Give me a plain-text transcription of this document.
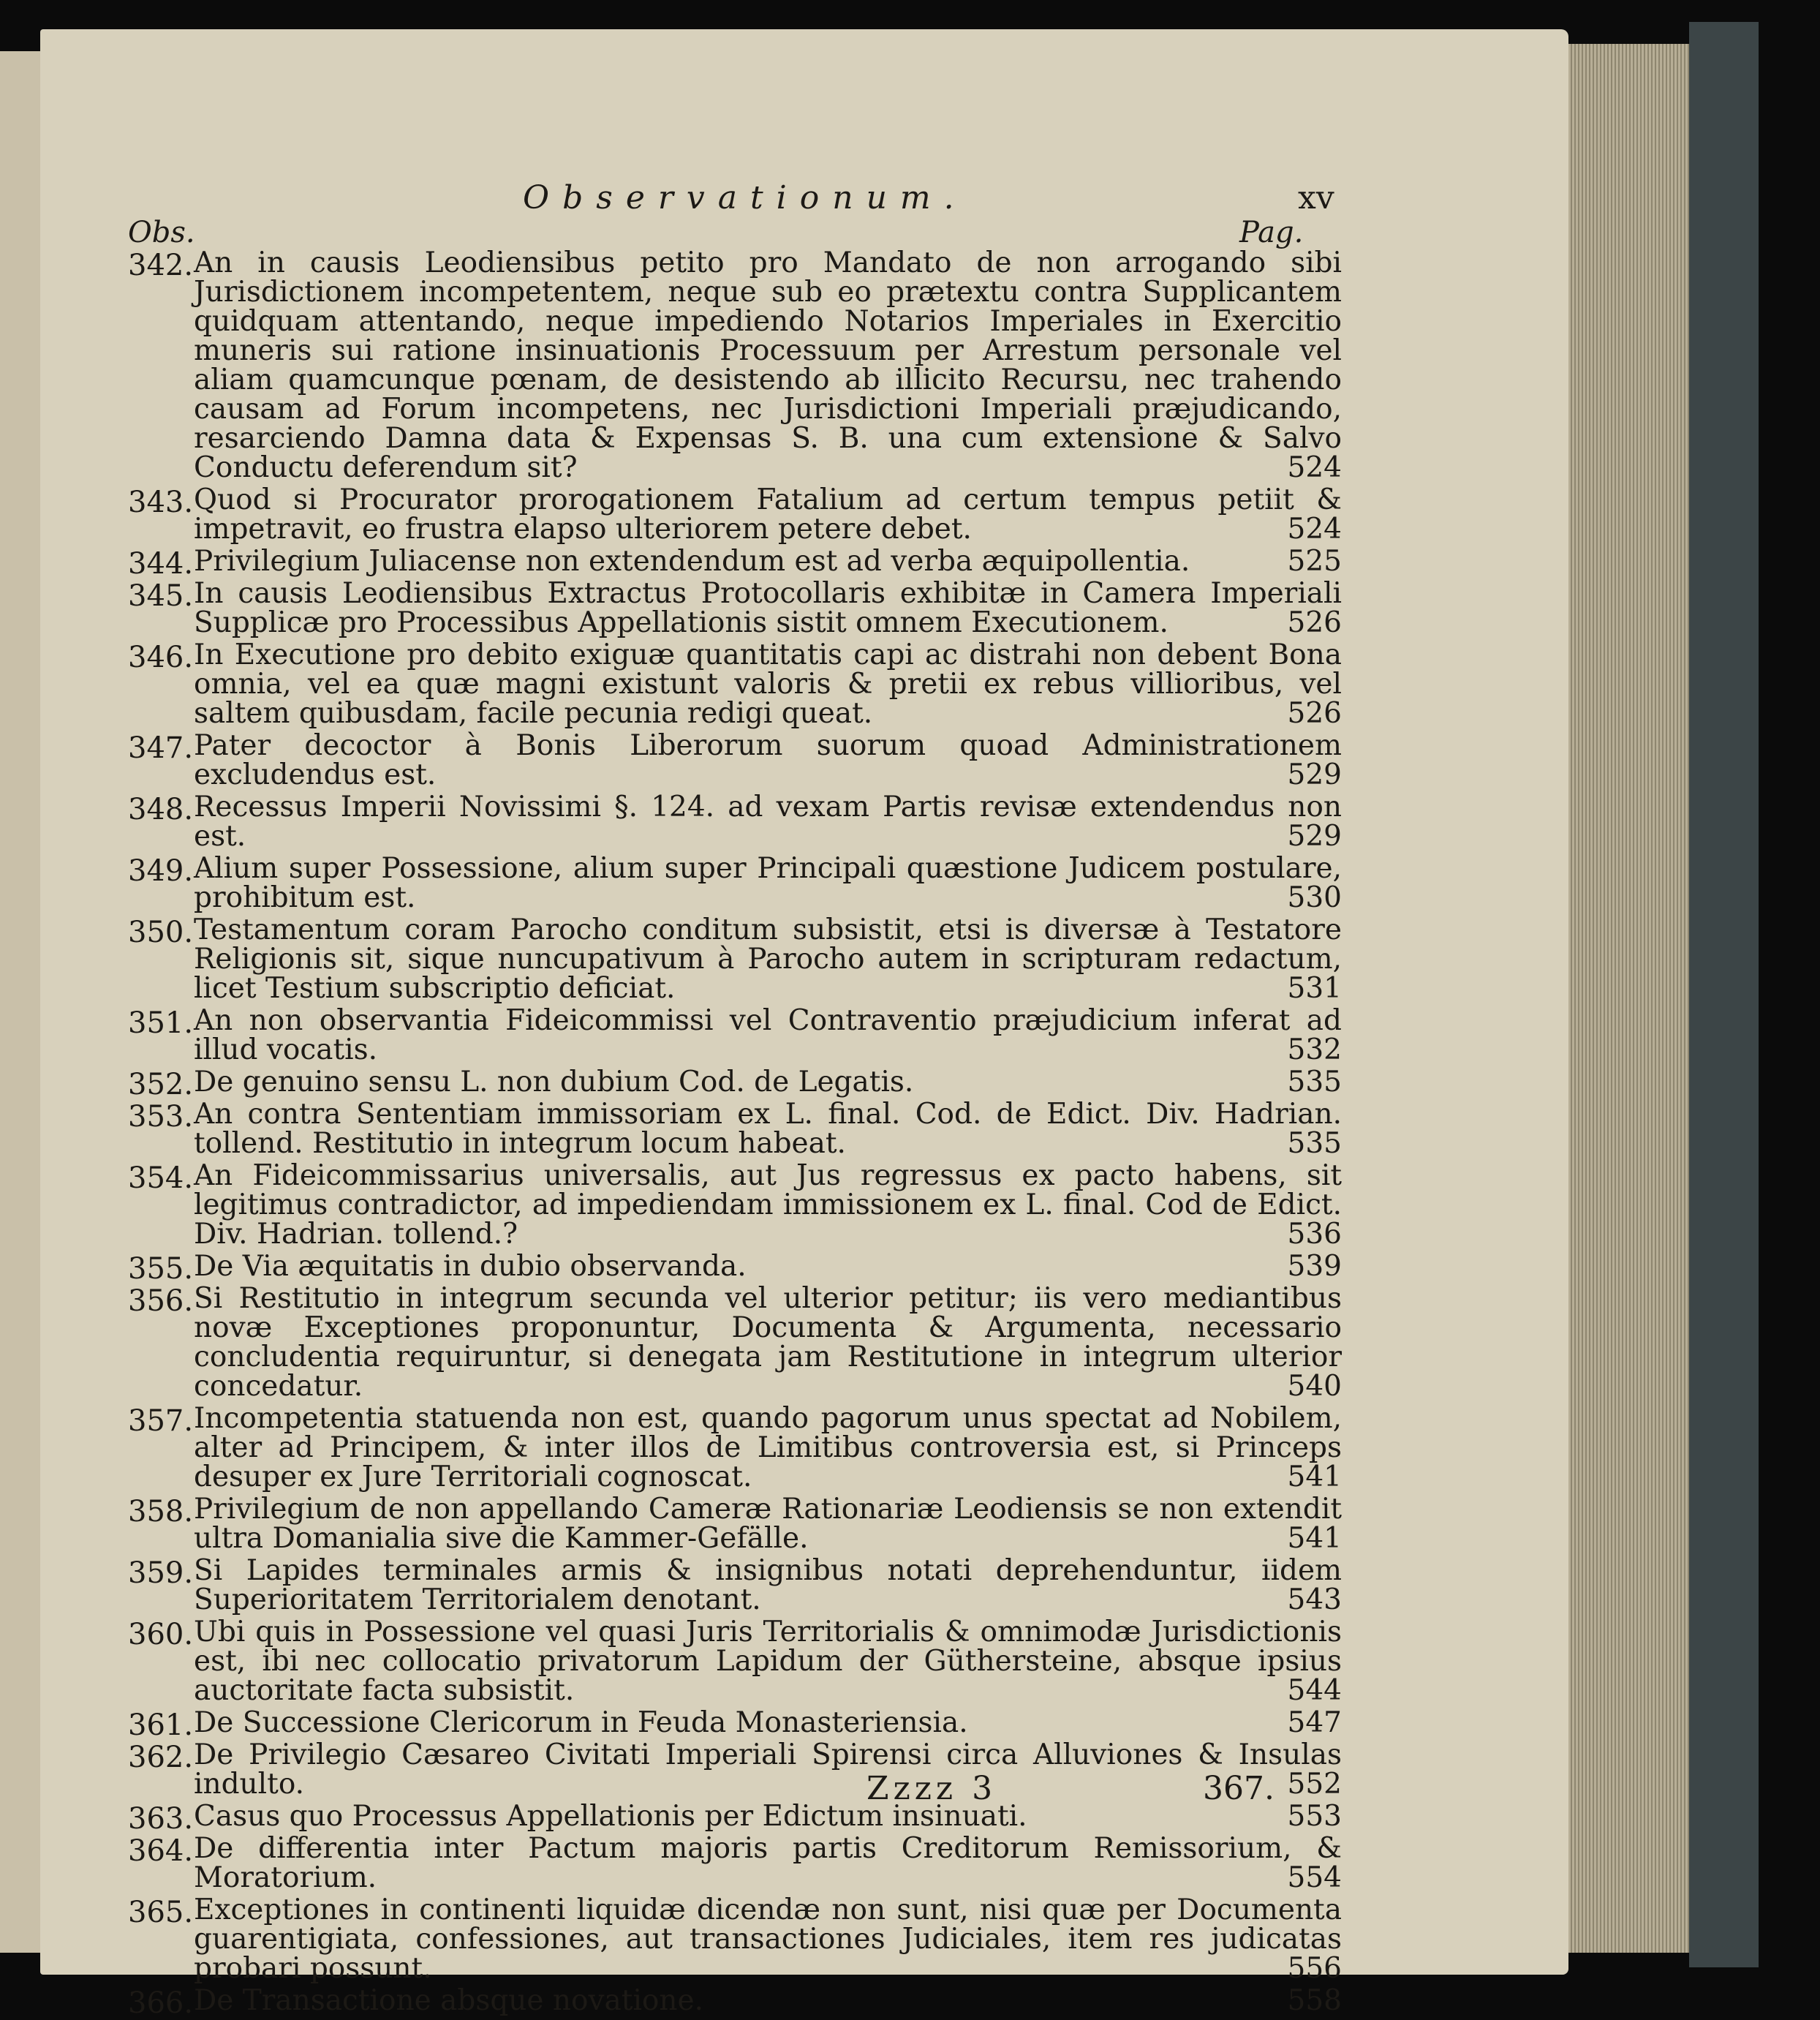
Observationum.	xv
Obs.	Pag.
342. An in causis Leodiensibus petito pro Mandato de non arrogando sibi Jurisdictionem incompetentem, neque sub eo prætextu contra Supplicantem quidquam attentando, neque impediendo Notarios Imperiales in Exercitio muneris sui ratione insinuationis Processuum per Arrestum personale vel aliam quamcunque pœnam, de desistendo ab illicito Recursu, nec trahendo causam ad Forum incompetens, nec Jurisdictioni Imperiali præjudicando, resarciendo Damna data & Expensas S. B. una cum extensione & Salvo Conductu deferendum sit?	524
343. Quod si Procurator prorogationem Fatalium ad certum tempus petiit & impetravit, eo frustra elapso ulteriorem petere debet.	524
344. Privilegium Juliacense non extendendum est ad verba æquipollentia.	525
345. In causis Leodiensibus Extractus Protocollaris exhibitæ in Camera Imperiali Supplicæ pro Processibus Appellationis sistit omnem Executionem.	526
346. In Executione pro debito exiguæ quantitatis capi ac distrahi non debent Bona omnia, vel ea quæ magni existunt valoris & pretii ex rebus villioribus, vel saltem quibusdam, facile pecunia redigi queat.	526
347. Pater decoctor à Bonis Liberorum suorum quoad Administrationem excludendus est.	529
348. Recessus Imperii Novissimi §. 124. ad vexam Partis revisæ extendendus non est.	529
349. Alium super Possessione, alium super Principali quæstione Judicem postulare, prohibitum est.	530
350. Testamentum coram Parocho conditum subsistit, etsi is diversæ à Testatore Religionis sit, sique nuncupativum à Parocho autem in scripturam redactum, licet Testium subscriptio deficiat.	531
351. An non observantia Fideicommissi vel Contraventio præjudicium inferat ad illud vocatis.	532
352. De genuino sensu L. non dubium Cod. de Legatis.	535
353. An contra Sententiam immissoriam ex L. final. Cod. de Edict. Div. Hadrian. tollend. Restitutio in integrum locum habeat.	535
354. An Fideicommissarius universalis, aut Jus regressus ex pacto habens, sit legitimus contradictor, ad impediendam immissionem ex L. final. Cod de Edict. Div. Hadrian. tollend.?	536
355. De Via æquitatis in dubio observanda.	539
356. Si Restitutio in integrum secunda vel ulterior petitur; iis vero mediantibus novæ Exceptiones proponuntur, Documenta & Argumenta, necessario concludentia requiruntur, si denegata jam Restitutione in integrum ulterior concedatur.	540
357. Incompetentia statuenda non est, quando pagorum unus spectat ad Nobilem, alter ad Principem, & inter illos de Limitibus controversia est, si Princeps desuper ex Jure Territoriali cognoscat.	541
358. Privilegium de non appellando Cameræ Rationariæ Leodiensis se non extendit ultra Domanialia sive die Kammer-Gefälle.	541
359. Si Lapides terminales armis & insignibus notati deprehenduntur, iidem Superioritatem Territorialem denotant.	543
360. Ubi quis in Possessione vel quasi Juris Territorialis & omnimodæ Jurisdictionis est, ibi nec collocatio privatorum Lapidum der Güthersteine, absque ipsius auctoritate facta subsistit.	544
361. De Successione Clericorum in Feuda Monasteriensia.	547
362. De Privilegio Cæsareo Civitati Imperiali Spirensi circa Alluviones & Insulas indulto.	552
363. Casus quo Processus Appellationis per Edictum insinuati.	553
364. De differentia inter Pactum majoris partis Creditorum Remissorium, & Moratorium.	554
365. Exceptiones in continenti liquidæ dicendæ non sunt, nisi quæ per Documenta guarentigiata, confessiones, aut transactiones Judiciales, item res judicatas probari possunt.	556
366. De Transactione absque novatione.	558
Zzzz 3	367.
